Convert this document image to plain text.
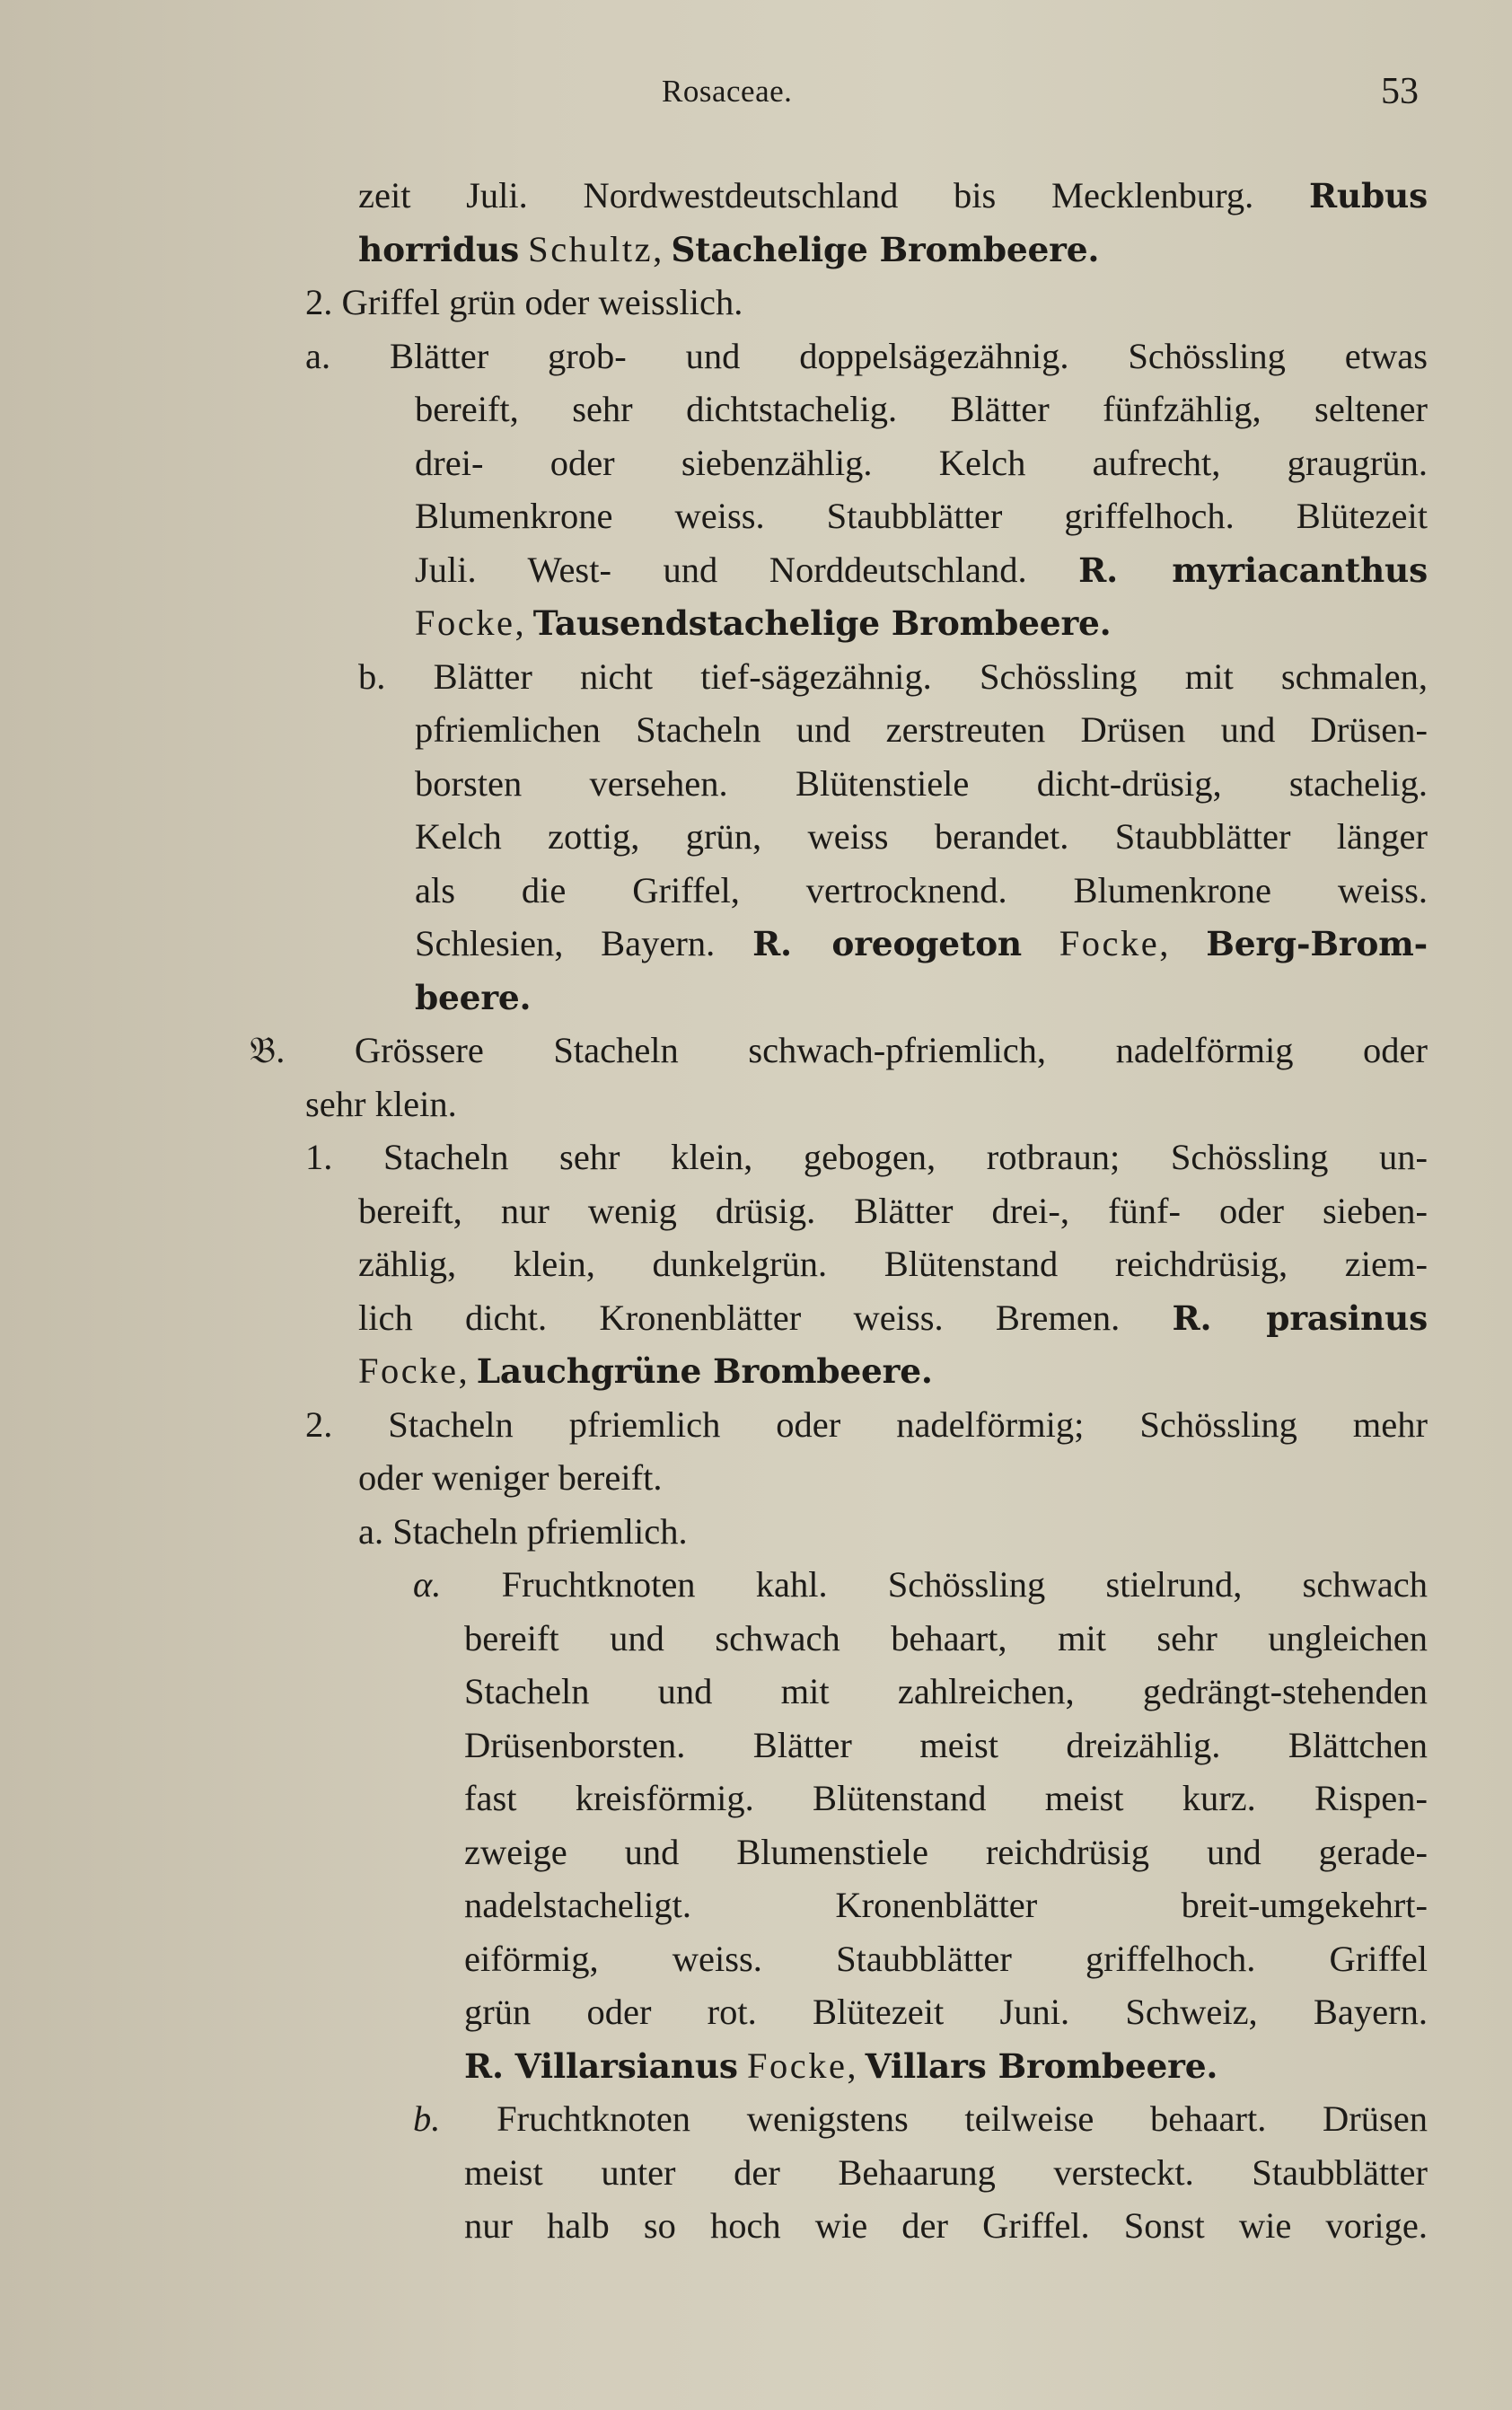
Rosaceae.	53
zeit Juli. Nordwestdeutschland bis Mecklenburg. Rubus
horridus Schultz, Stachelige Brombeere.
2. Griffel grün oder weisslich.
a. Blätter grob- und doppelsägezähnig. Schössling etwas
bereift, sehr dichtstachelig. Blätter fünfzählig, seltener
drei- oder siebenzählig. Kelch aufrecht, graugrün.
Blumenkrone weiss. Staubblätter griffelhoch. Blütezeit
Juli. West- und Norddeutschland. R. myriacanthus
Focke, Tausendstachelige Brombeere.
b. Blätter nicht tief-sägezähnig. Schössling mit schmalen,
pfriemlichen Stacheln und zerstreuten Drüsen und Drüsen-
borsten versehen. Blütenstiele dicht-drüsig, stachelig.
Kelch zottig, grün, weiss berandet. Staubblätter länger
als die Griffel, vertrocknend. Blumenkrone weiss.
Schlesien, Bayern. R. oreogeton Focke, Berg-Brom-
beere.
𝔅. Grössere Stacheln schwach-pfriemlich, nadelförmig oder
sehr klein.
1. Stacheln sehr klein, gebogen, rotbraun; Schössling un-
bereift, nur wenig drüsig. Blätter drei-, fünf- oder sieben-
zählig, klein, dunkelgrün. Blütenstand reichdrüsig, ziem-
lich dicht. Kronenblätter weiss. Bremen. R. prasinus
Focke, Lauchgrüne Brombeere.
2. Stacheln pfriemlich oder nadelförmig; Schössling mehr
oder weniger bereift.
a. Stacheln pfriemlich.
α. Fruchtknoten kahl. Schössling stielrund, schwach
bereift und schwach behaart, mit sehr ungleichen
Stacheln und mit zahlreichen, gedrängt-stehenden
Drüsenborsten. Blätter meist dreizählig. Blättchen
fast kreisförmig. Blütenstand meist kurz. Rispen-
zweige und Blumenstiele reichdrüsig und gerade-
nadelstacheligt. Kronenblätter breit-umgekehrt-
eiförmig, weiss. Staubblätter griffelhoch. Griffel
grün oder rot. Blütezeit Juni. Schweiz, Bayern.
R. Villarsianus Focke, Villars Brombeere.
b. Fruchtknoten wenigstens teilweise behaart. Drüsen
meist unter der Behaarung versteckt. Staubblätter
nur halb so hoch wie der Griffel. Sonst wie vorige.
